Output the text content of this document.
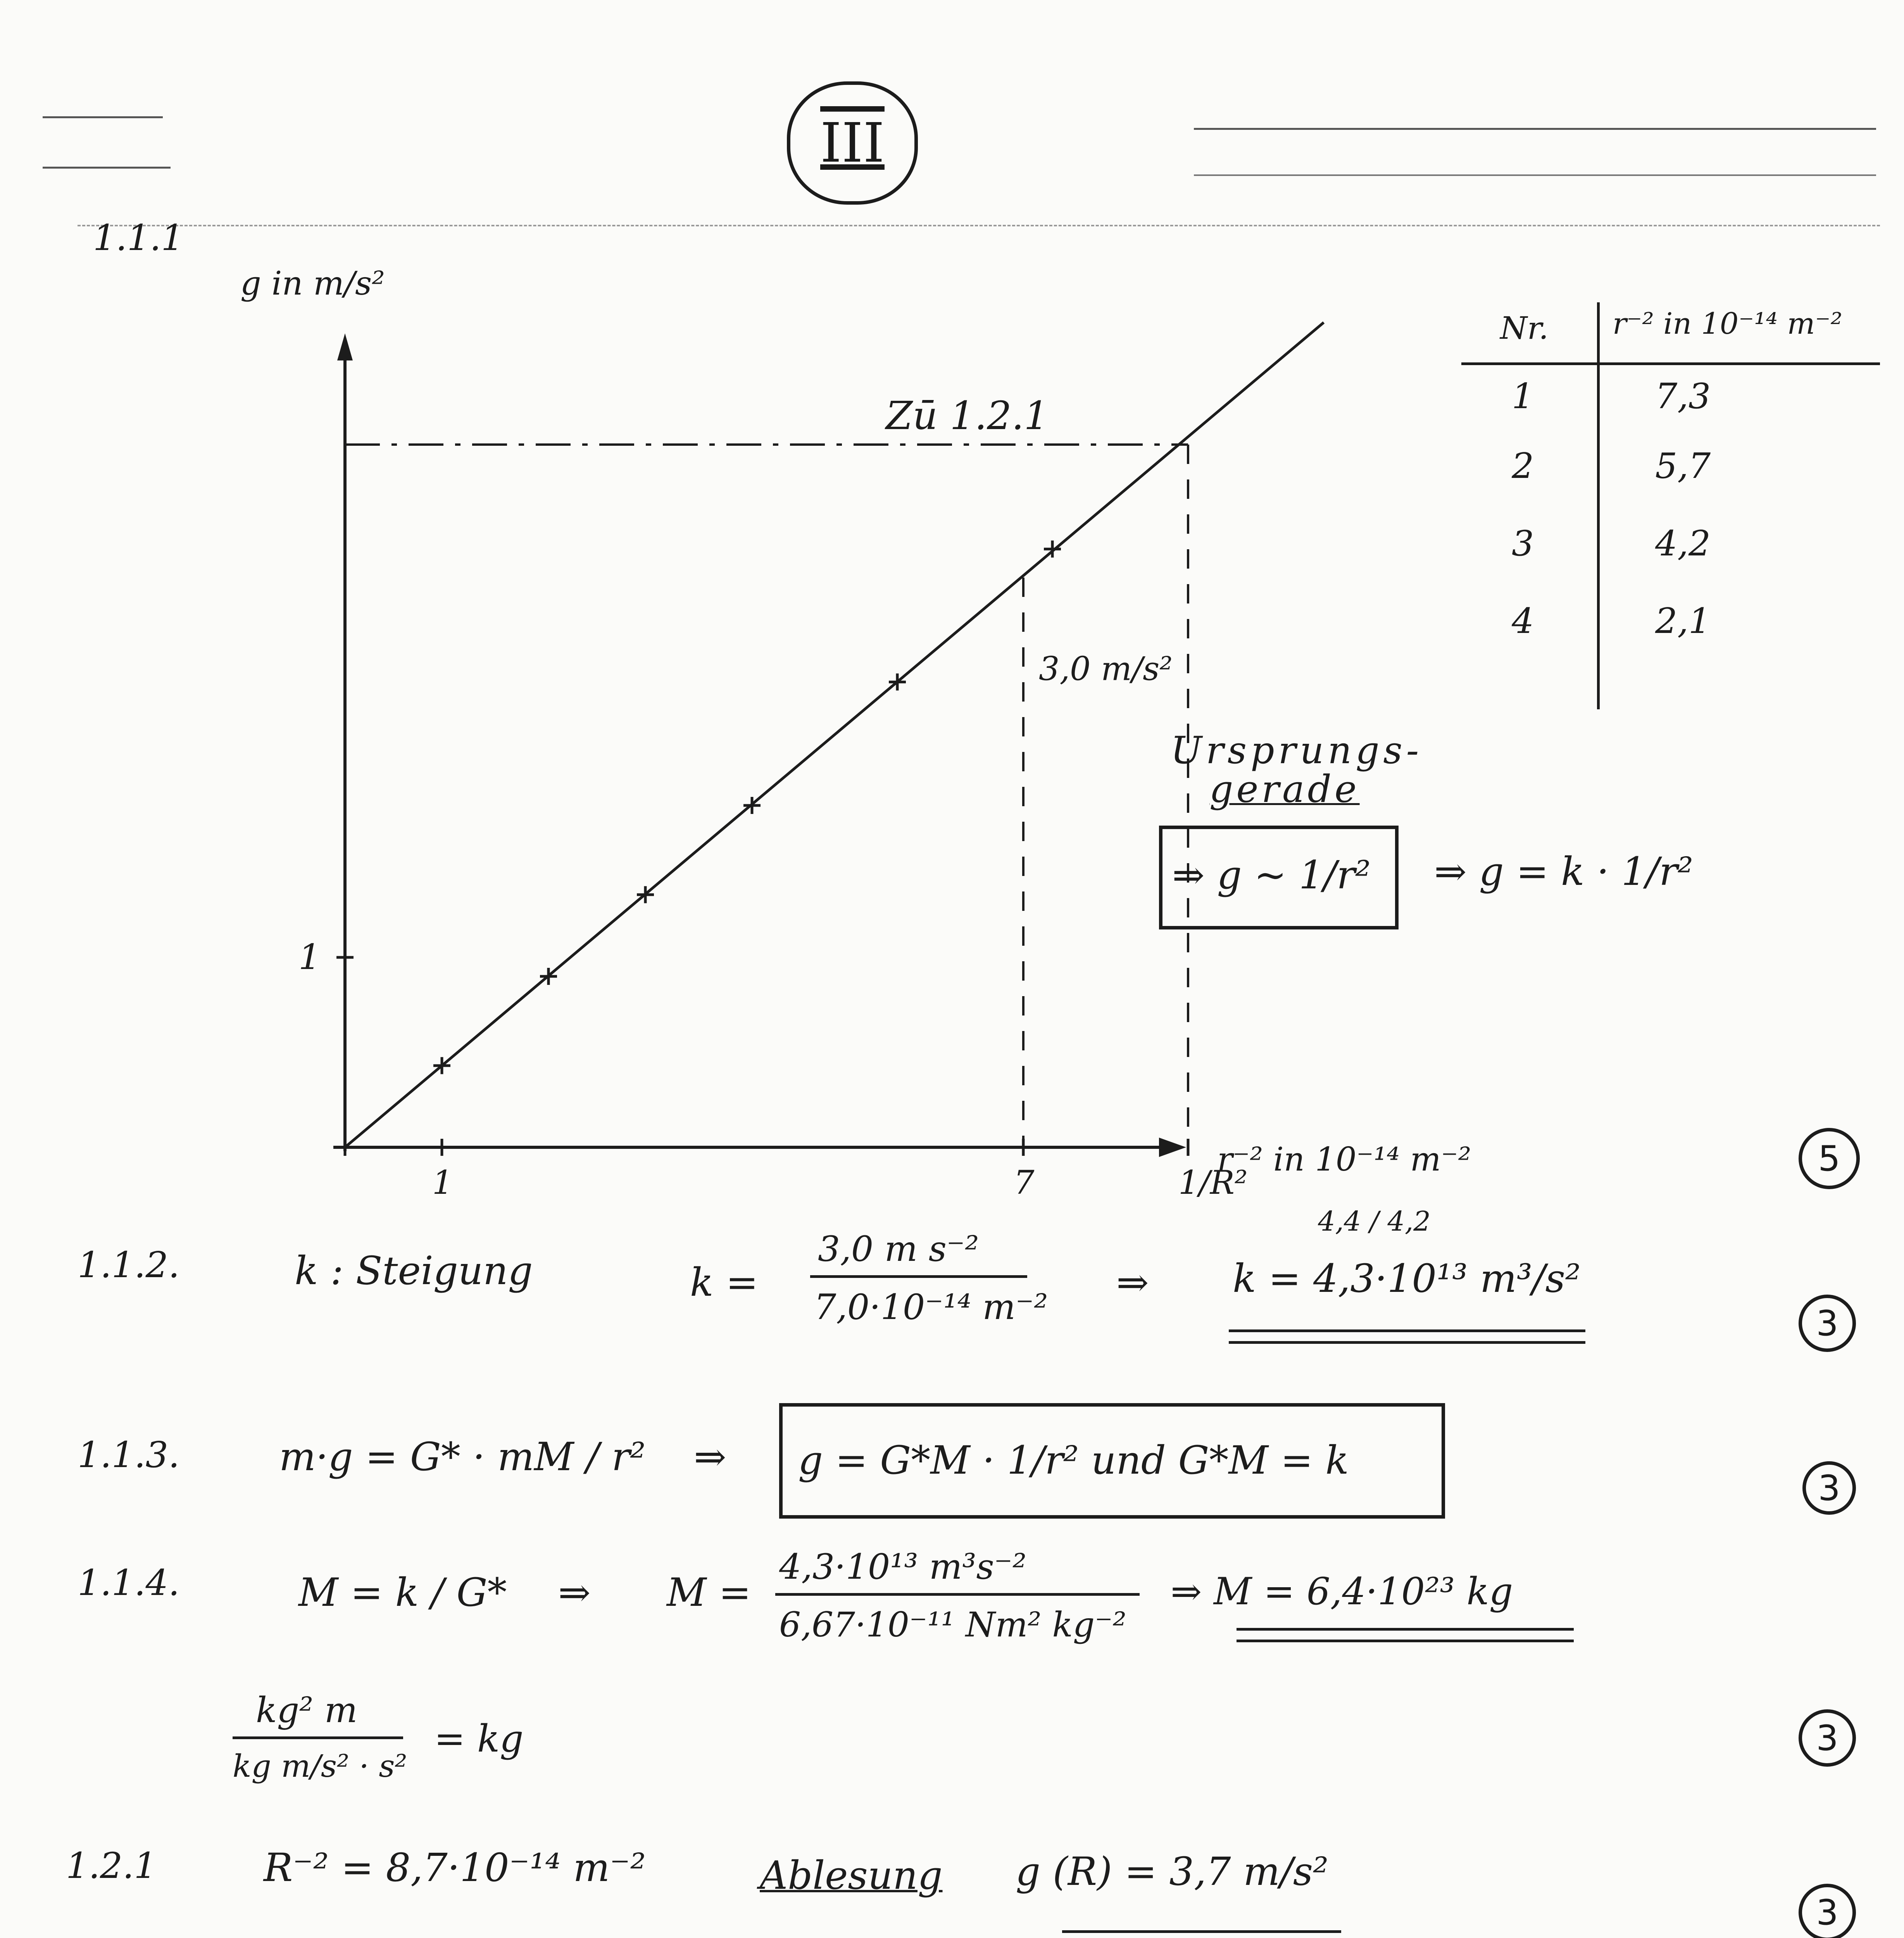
III
1.1.1
1.1.2.
1.1.3.
1.1.4.
1.2.1
g in m/s²
r⁻² in 10⁻¹⁴ m⁻²
1
1	7	1/R²
Zū 1.2.1
3,0 m/s²
Ursprungs-
gerade
⇒ g ~ 1/r² ⇒ g = k · 1/r²
Nr. r⁻² in 10⁻¹⁴ m⁻²
1	7,3
2	5,7
3	4,2
4	2,1
k : Steigung	k =
3,0 m s⁻²
7,0·10⁻¹⁴ m⁻²
⇒
4,4 / 4,2
k = 4,3·10¹³ m³/s²
m·g = G* · mM / r² ⇒ g = G*M · 1/r² und G*M = k
M = k / G* ⇒ M =
4,3·10¹³ m³s⁻²
6,67·10⁻¹¹ Nm² kg⁻²
⇒ M = 6,4·10²³ kg
kg² m
kg m/s² · s²
= kg
R⁻² = 8,7·10⁻¹⁴ m⁻²	Ablesung g (R) = 3,7 m/s²
5
3
3
3
3
